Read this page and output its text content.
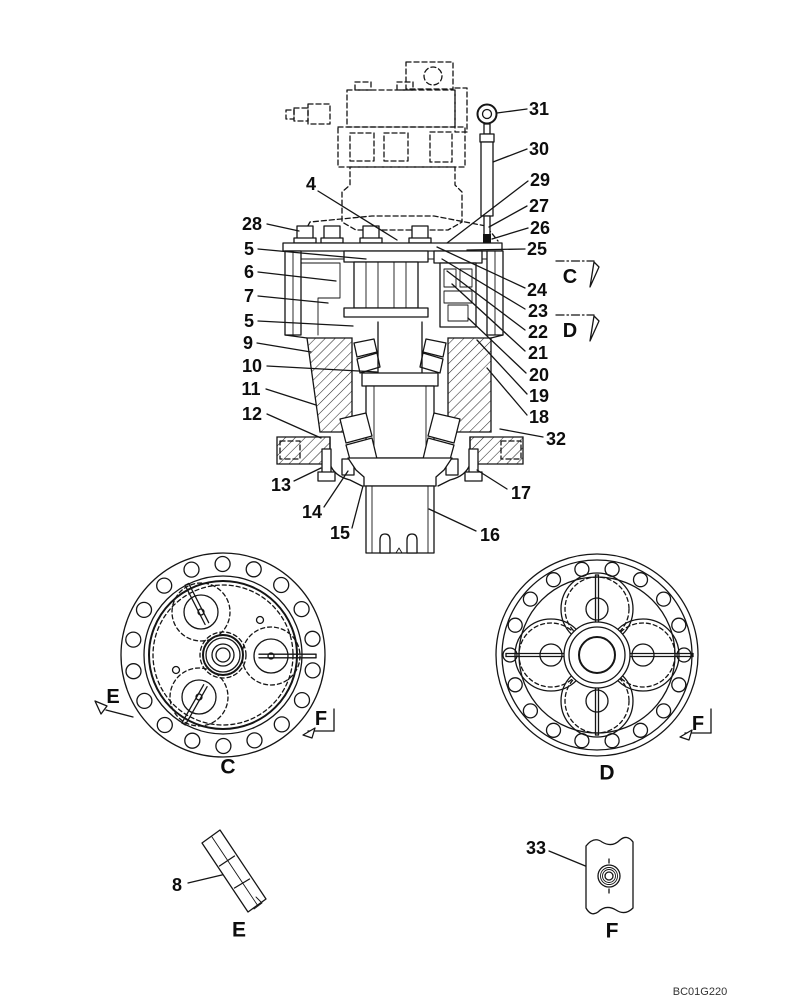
4
28
5
6
7
5
9
10
11
12
13
14
15	16
17
31
30
29
27
26
25
24
23
22
21
20
19
18
32
8
33
C
D
E
F
C
F
D
E	F
BC01G220
